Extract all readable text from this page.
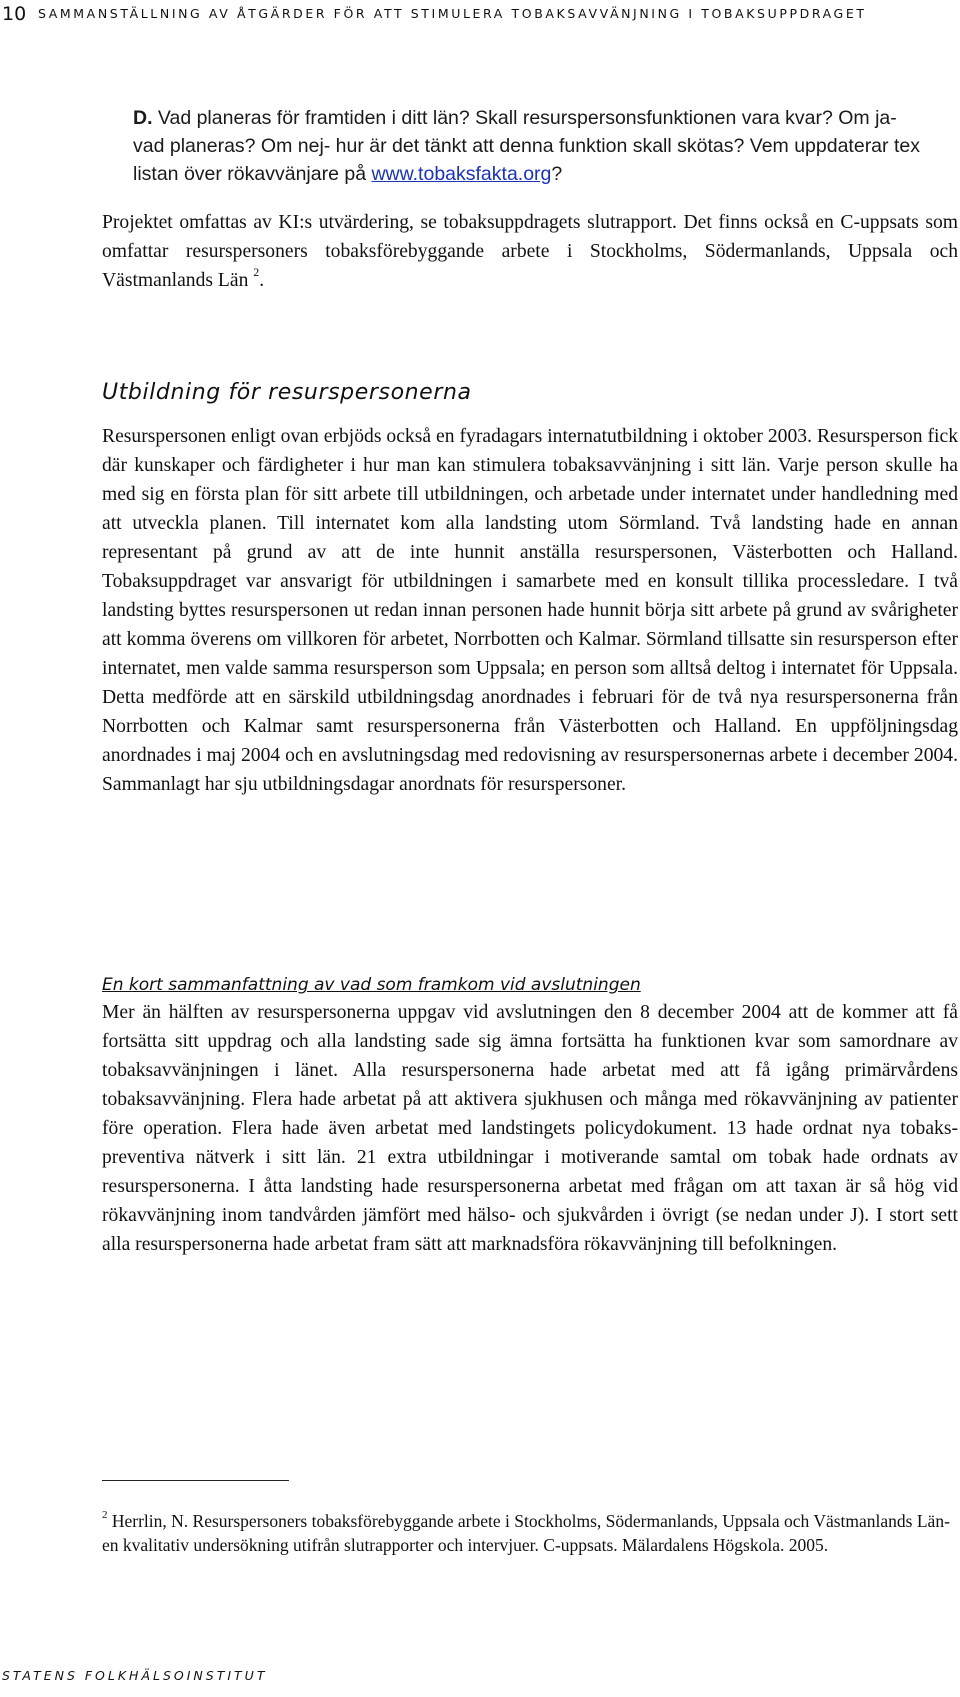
10 SAMMANSTÄLLNING AV ÅTGÄRDER FÖR ATT STIMULERA TOBAKSAVVÄNJNING I TOBAKSUPPDRAGET
D. Vad planeras för framtiden i ditt län? Skall resurspersonsfunktionen vara kvar? Om ja- vad planeras? Om nej- hur är det tänkt att denna funktion skall skötas? Vem uppdaterar tex listan över rökavvänjare på www.tobaksfakta.org?

Projektet omfattas av KI:s utvärdering, se tobaksuppdragets slutrapport. Det finns också en C-uppsats som omfattar resurspersoners tobaksförebyggande arbete i Stockholms, Södermanlands, Uppsala och Västmanlands Län $^2$.

Utbildning för resurspersonerna

Resurspersonen enligt ovan erbjöds också en fyradagars internatutbildning i oktober 2003. Resursperson fick där kunskaper och färdigheter i hur man kan stimulera tobaksavvänjning i sitt län. Varje person skulle ha med sig en första plan för sitt arbete till utbildningen, och arbetade under internatet under handledning med att utveckla planen. Till internatet kom alla landsting utom Sörmland. Två landsting hade en annan representant på grund av att de inte hunnit anställa resurspersonen, Västerbotten och Halland. Tobaksuppdraget var ansvarigt för utbildningen i samarbete med en konsult tillika processledare. I två landsting byttes resurspersonen ut redan innan personen hade hunnit börja sitt arbete på grund av svårigheter att komma överens om villkoren för arbetet, Norrbotten och Kalmar. Sörmland tillsatte sin resursperson efter internatet, men valde samma resursperson som Uppsala; en person som alltså deltog i internatet för Uppsala. Detta medförde att en särskild utbildningsdag anordnades i februari för de två nya resurspersonerna från Norrbotten och Kalmar samt resurspersonerna från Västerbotten och Halland. En uppföljningsdag anordnades i maj 2004 och en avslutningsdag med redovisning av resurspersonernas arbete i december 2004. Sammanlagt har sju utbildningsdagar anordnats för resurspersoner.

En kort sammanfattning av vad som framkom vid avslutningen

Mer än hälften av resurspersonerna uppgav vid avslutningen den 8 december 2004 att de kommer att få fortsätta sitt uppdrag och alla landsting sade sig ämna fortsätta ha funktionen kvar som samordnare av tobaksavvänjningen i länet. Alla resurspersonerna hade arbetat med att få igång primärvårdens tobaksavvänjning. Flera hade arbetat på att aktivera sjukhusen och många med rökavvänjning av patienter före operation. Flera hade även arbetat med landstingets policydokument. 13 hade ordnat nya tobakspreventiva nätverk i sitt län. 21 extra utbildningar i motiverande samtal om tobak hade ordnats av resurspersonerna. I åtta landsting hade resurspersonerna arbetat med frågan om att taxan är så hög vid rökavvänjning inom tandvården jämfört med hälso- och sjukvården i övrigt (se nedan under J). I stort sett alla resurspersonerna hade arbetat fram sätt att marknadsföra rökavvänjning till befolkningen.

$^2$ Herrlin, N. Resurspersoners tobaksförebyggande arbete i Stockholms, Södermanlands, Uppsala och Västmanlands Län- en kvalitativ undersökning utifrån slutrapporter och intervjuer. C-uppsats. Mälardalens Högskola. 2005.

STATENS FOLKHÄLSOINSTITUT
